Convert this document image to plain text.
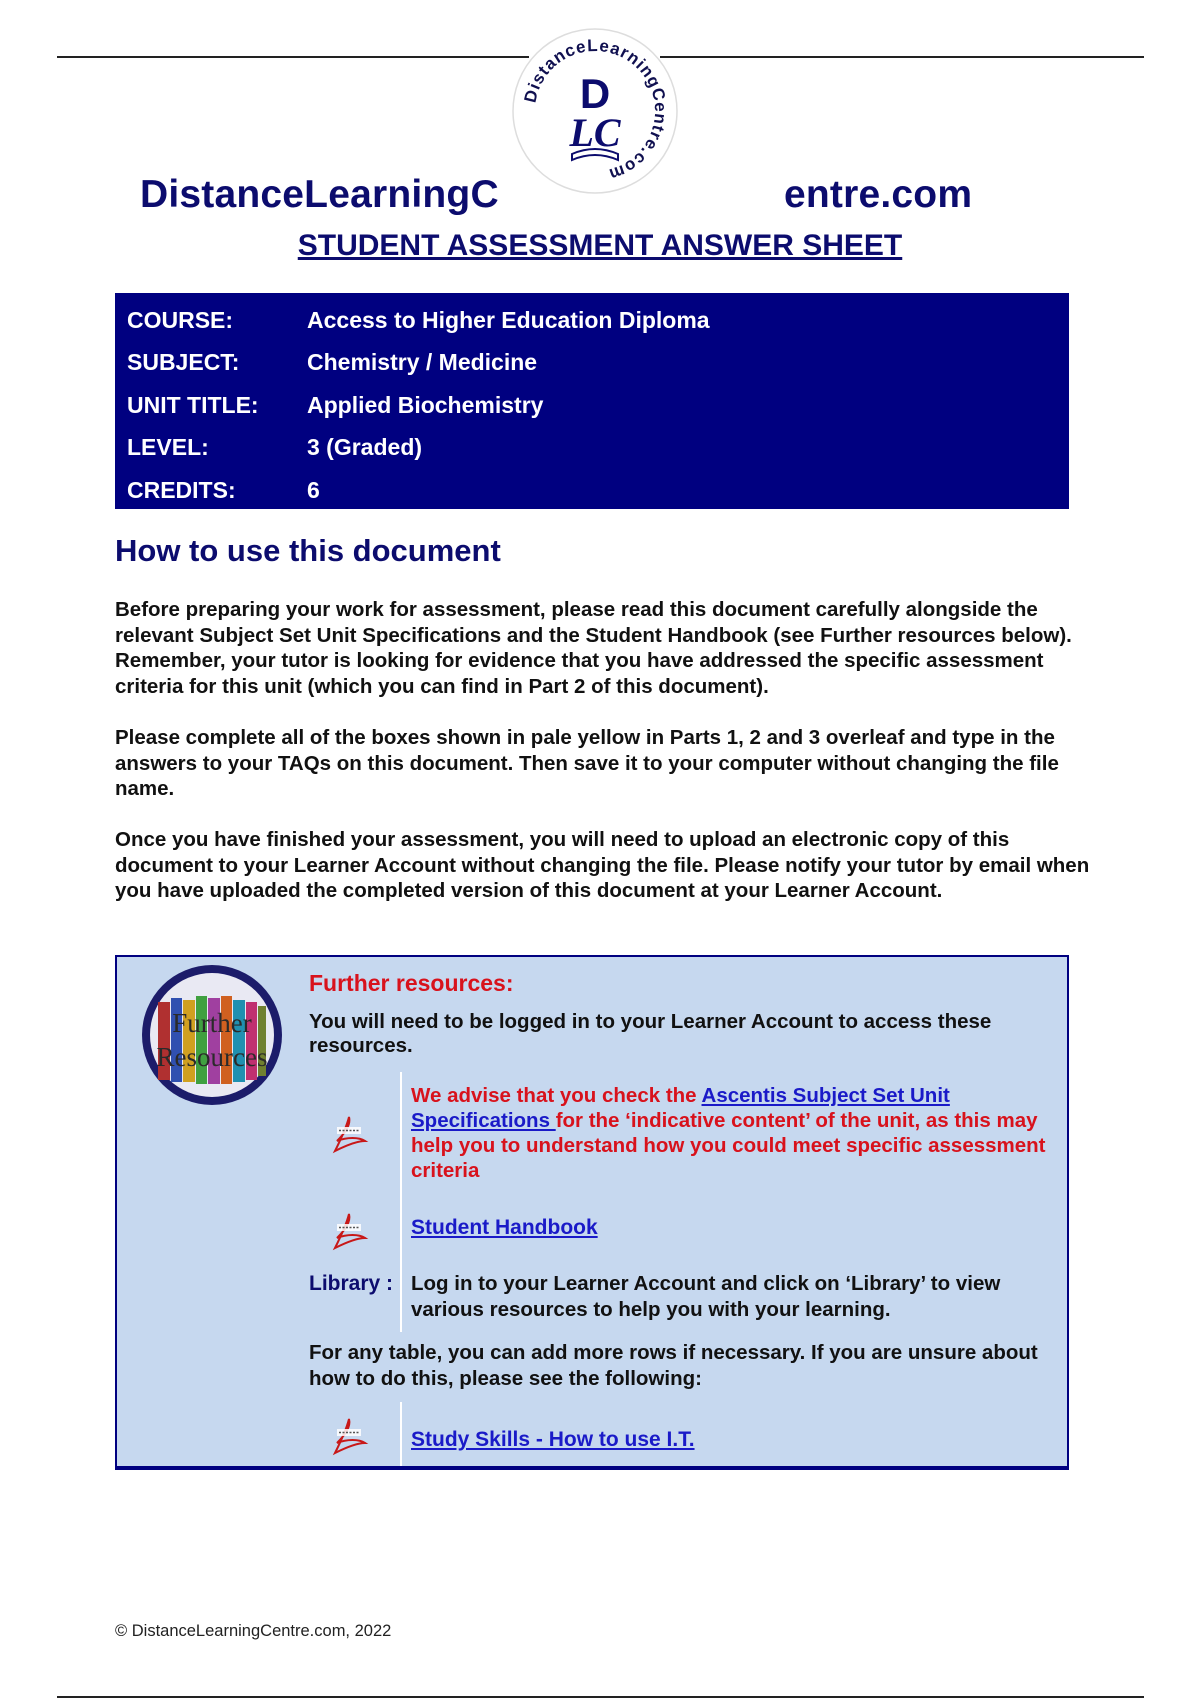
DistanceLearningCentre.com
D
LC
DistanceLearningC	entre.com
STUDENT ASSESSMENT ANSWER SHEET
COURSE:	Access to Higher Education Diploma
SUBJECT:	Chemistry / Medicine
UNIT TITLE:	Applied Biochemistry
LEVEL:	3 (Graded)
CREDITS:	6
How to use this document
Before preparing your work for assessment, please read this document carefully alongside the relevant Subject Set Unit Specifications and the Student Handbook (see Further resources below). Remember, your tutor is looking for evidence that you have addressed the specific assessment criteria for this unit (which you can find in Part 2 of this document).
Please complete all of the boxes shown in pale yellow in Parts 1, 2 and 3 overleaf and type in the answers to your TAQs on this document. Then save it to your computer without changing the file name.
Once you have finished your assessment, you will need to upload an electronic copy of this document to your Learner Account without changing the file. Please notify your tutor by email when you have uploaded the completed version of this document at your Learner Account.
Further
Resources
Further resources:
You will need to be logged in to your Learner Account to access these resources.
We advise that you check the Ascentis Subject Set Unit Specifications for the ‘indicative content’ of the unit, as this may help you to understand how you could meet specific assessment criteria
Student Handbook
Library : Log in to your Learner Account and click on ‘Library’ to view various resources to help you with your learning.
For any table, you can add more rows if necessary. If you are unsure about how to do this, please see the following:
Study Skills - How to use I.T.
© DistanceLearningCentre.com, 2022
